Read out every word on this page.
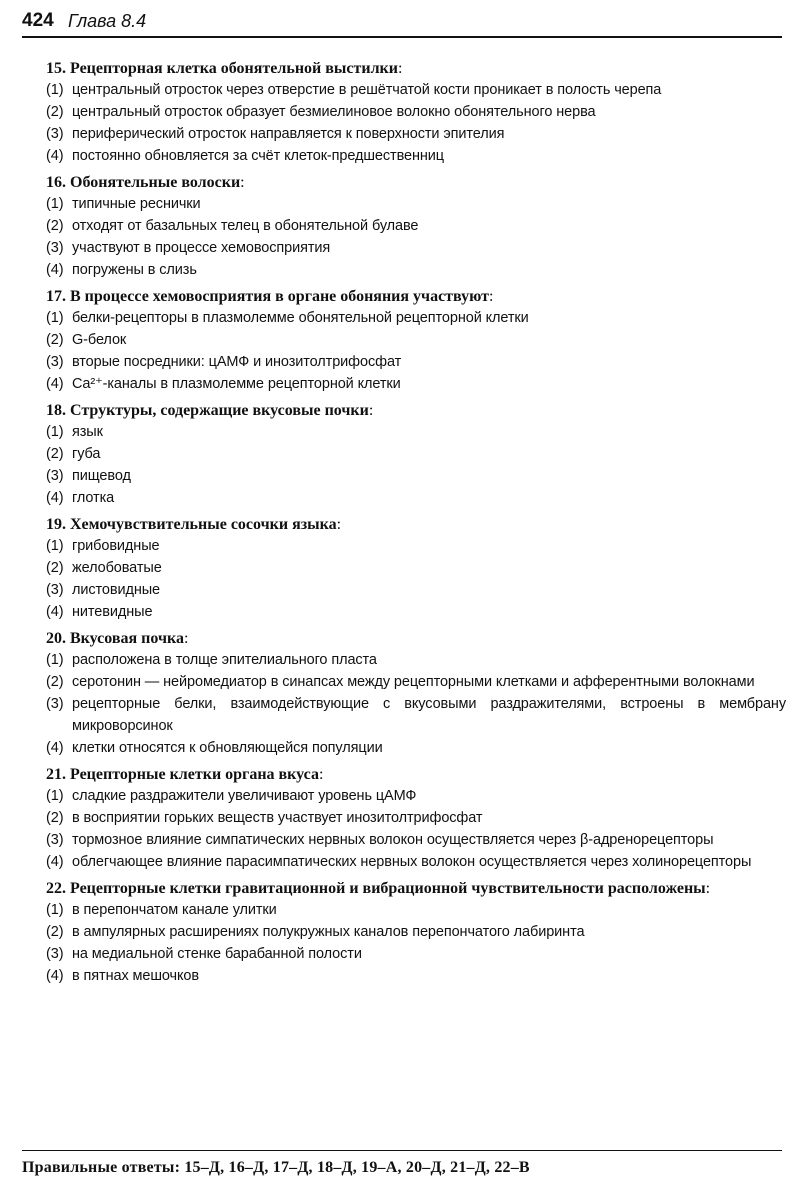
424 Глава 8.4
15. Рецепторная клетка обонятельной выстилки:
(1) центральный отросток через отверстие в решётчатой кости проникает в полость черепа
(2) центральный отросток образует безмиелиновое волокно обонятельного нерва
(3) периферический отросток направляется к поверхности эпителия
(4) постоянно обновляется за счёт клеток-предшественниц
16. Обонятельные волоски:
(1) типичные реснички
(2) отходят от базальных телец в обонятельной булаве
(3) участвуют в процессе хемовосприятия
(4) погружены в слизь
17. В процессе хемовосприятия в органе обоняния участвуют:
(1) белки-рецепторы в плазмолемме обонятельной рецепторной клетки
(2) G-белок
(3) вторые посредники: цАМФ и инозитолтрифосфат
(4) Ca²⁺-каналы в плазмолемме рецепторной клетки
18. Структуры, содержащие вкусовые почки:
(1) язык
(2) губа
(3) пищевод
(4) глотка
19. Хемочувствительные сосочки языка:
(1) грибовидные
(2) желобоватые
(3) листовидные
(4) нитевидные
20. Вкусовая почка:
(1) расположена в толще эпителиального пласта
(2) серотонин — нейромедиатор в синапсах между рецепторными клетками и афферентными волокнами
(3) рецепторные белки, взаимодействующие с вкусовыми раздражителями, встроены в мембрану микроворсинок
(4) клетки относятся к обновляющейся популяции
21. Рецепторные клетки органа вкуса:
(1) сладкие раздражители увеличивают уровень цАМФ
(2) в восприятии горьких веществ участвует инозитолтрифосфат
(3) тормозное влияние симпатических нервных волокон осуществляется через β-адренорецепторы
(4) облегчающее влияние парасимпатических нервных волокон осуществляется через холинорецепторы
22. Рецепторные клетки гравитационной и вибрационной чувствительности расположены:
(1) в перепончатом канале улитки
(2) в ампулярных расширениях полукружных каналов перепончатого лабиринта
(3) на медиальной стенке барабанной полости
(4) в пятнах мешочков
Правильные ответы: 15–Д, 16–Д, 17–Д, 18–Д, 19–А, 20–Д, 21–Д, 22–В
